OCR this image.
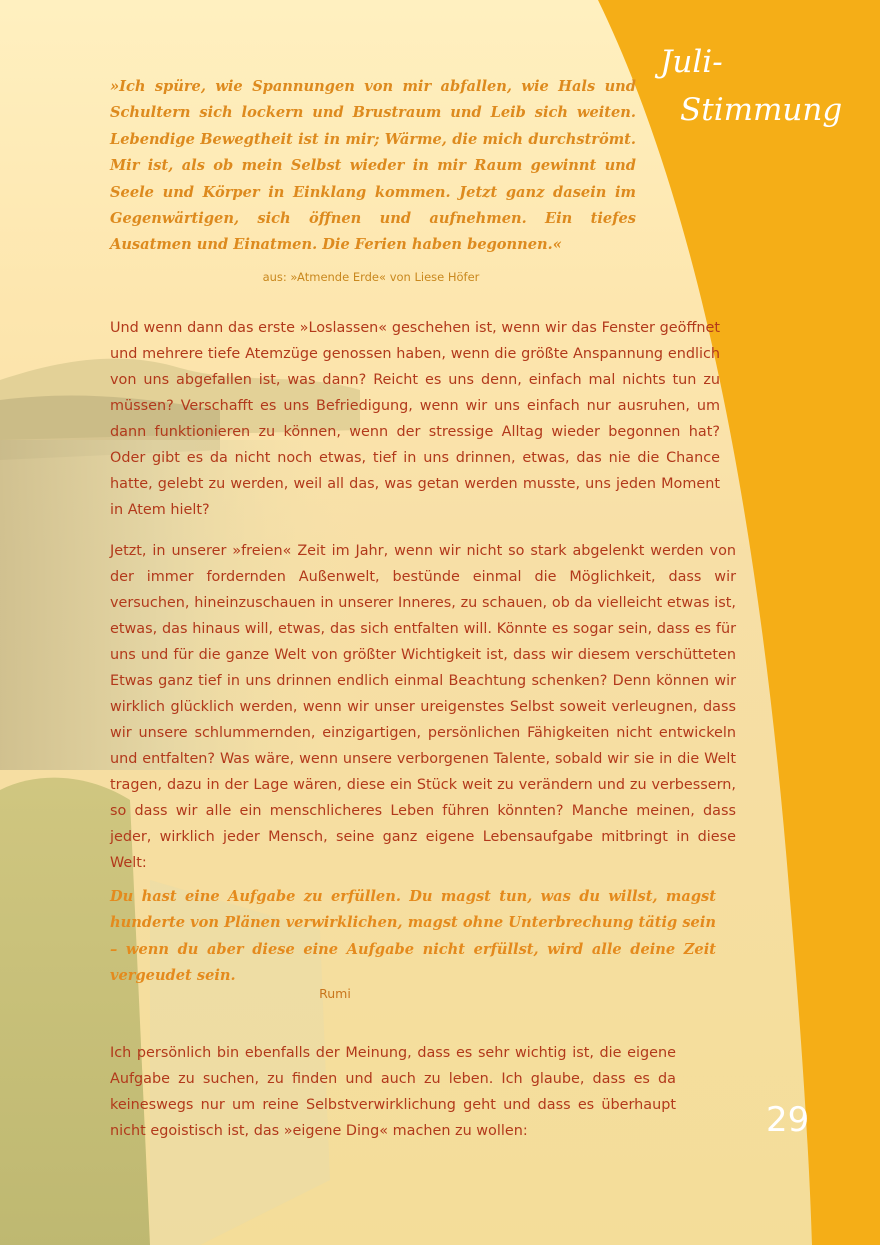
Juli-
Stimmung
»Ich spüre, wie Spannungen von mir abfallen, wie Hals und Schultern sich lockern und Brustraum und Leib sich weiten. Lebendige Bewegtheit ist in mir; Wärme, die mich durchströmt. Mir ist, als ob mein Selbst wieder in mir Raum gewinnt und Seele und Körper in Einklang kommen. Jetzt ganz dasein im Gegenwärtigen, sich öffnen und aufnehmen. Ein tiefes Ausatmen und Einatmen. Die Ferien haben begonnen.«
aus: »Atmende Erde« von Liese Höfer
Und wenn dann das erste »Loslassen« geschehen ist, wenn wir das Fenster geöffnet und mehrere tiefe Atemzüge genossen haben, wenn die größte Anspannung endlich von uns abgefallen ist, was dann? Reicht es uns denn, einfach mal nichts tun zu müssen? Verschafft es uns Befriedigung, wenn wir uns einfach nur ausruhen, um dann funktionieren zu können, wenn der stressige Alltag wieder begonnen hat? Oder gibt es da nicht noch etwas, tief in uns drinnen, etwas, das nie die Chance hatte, gelebt zu werden, weil all das, was getan werden musste, uns jeden Moment in Atem hielt?
Jetzt, in unserer »freien« Zeit im Jahr, wenn wir nicht so stark abgelenkt werden von der immer fordernden Außenwelt, bestünde einmal die Möglichkeit, dass wir versuchen, hineinzuschauen in unserer Inneres, zu schauen, ob da vielleicht etwas ist, etwas, das hinaus will, etwas, das sich entfalten will. Könnte es sogar sein, dass es für uns und für die ganze Welt von größter Wichtigkeit ist, dass wir diesem verschütteten Etwas ganz tief in uns drinnen endlich einmal Beachtung schenken? Denn können wir wirklich glücklich werden, wenn wir unser ureigenstes Selbst soweit verleugnen, dass wir unsere schlummernden, einzigartigen, persönlichen Fähigkeiten nicht entwickeln und entfalten? Was wäre, wenn unsere verborgenen Talente, sobald wir sie in die Welt tragen, dazu in der Lage wären, diese ein Stück weit zu verändern und zu verbessern, so dass wir alle ein menschlicheres Leben führen könnten? Manche meinen, dass jeder, wirklich jeder Mensch, seine ganz eigene Lebensaufgabe mitbringt in diese Welt:
Du hast eine Aufgabe zu erfüllen. Du magst tun, was du willst, magst hunderte von Plänen verwirklichen, magst ohne Unterbrechung tätig sein – wenn du aber diese eine Aufgabe nicht erfüllst, wird alle deine Zeit vergeudet sein.
Rumi
Ich persönlich bin ebenfalls der Meinung, dass es sehr wichtig ist, die eigene Aufgabe zu suchen, zu finden und auch zu leben. Ich glaube, dass es da keineswegs nur um reine Selbstverwirklichung geht und dass es überhaupt nicht egoistisch ist, das »eigene Ding« machen zu wollen:	29
